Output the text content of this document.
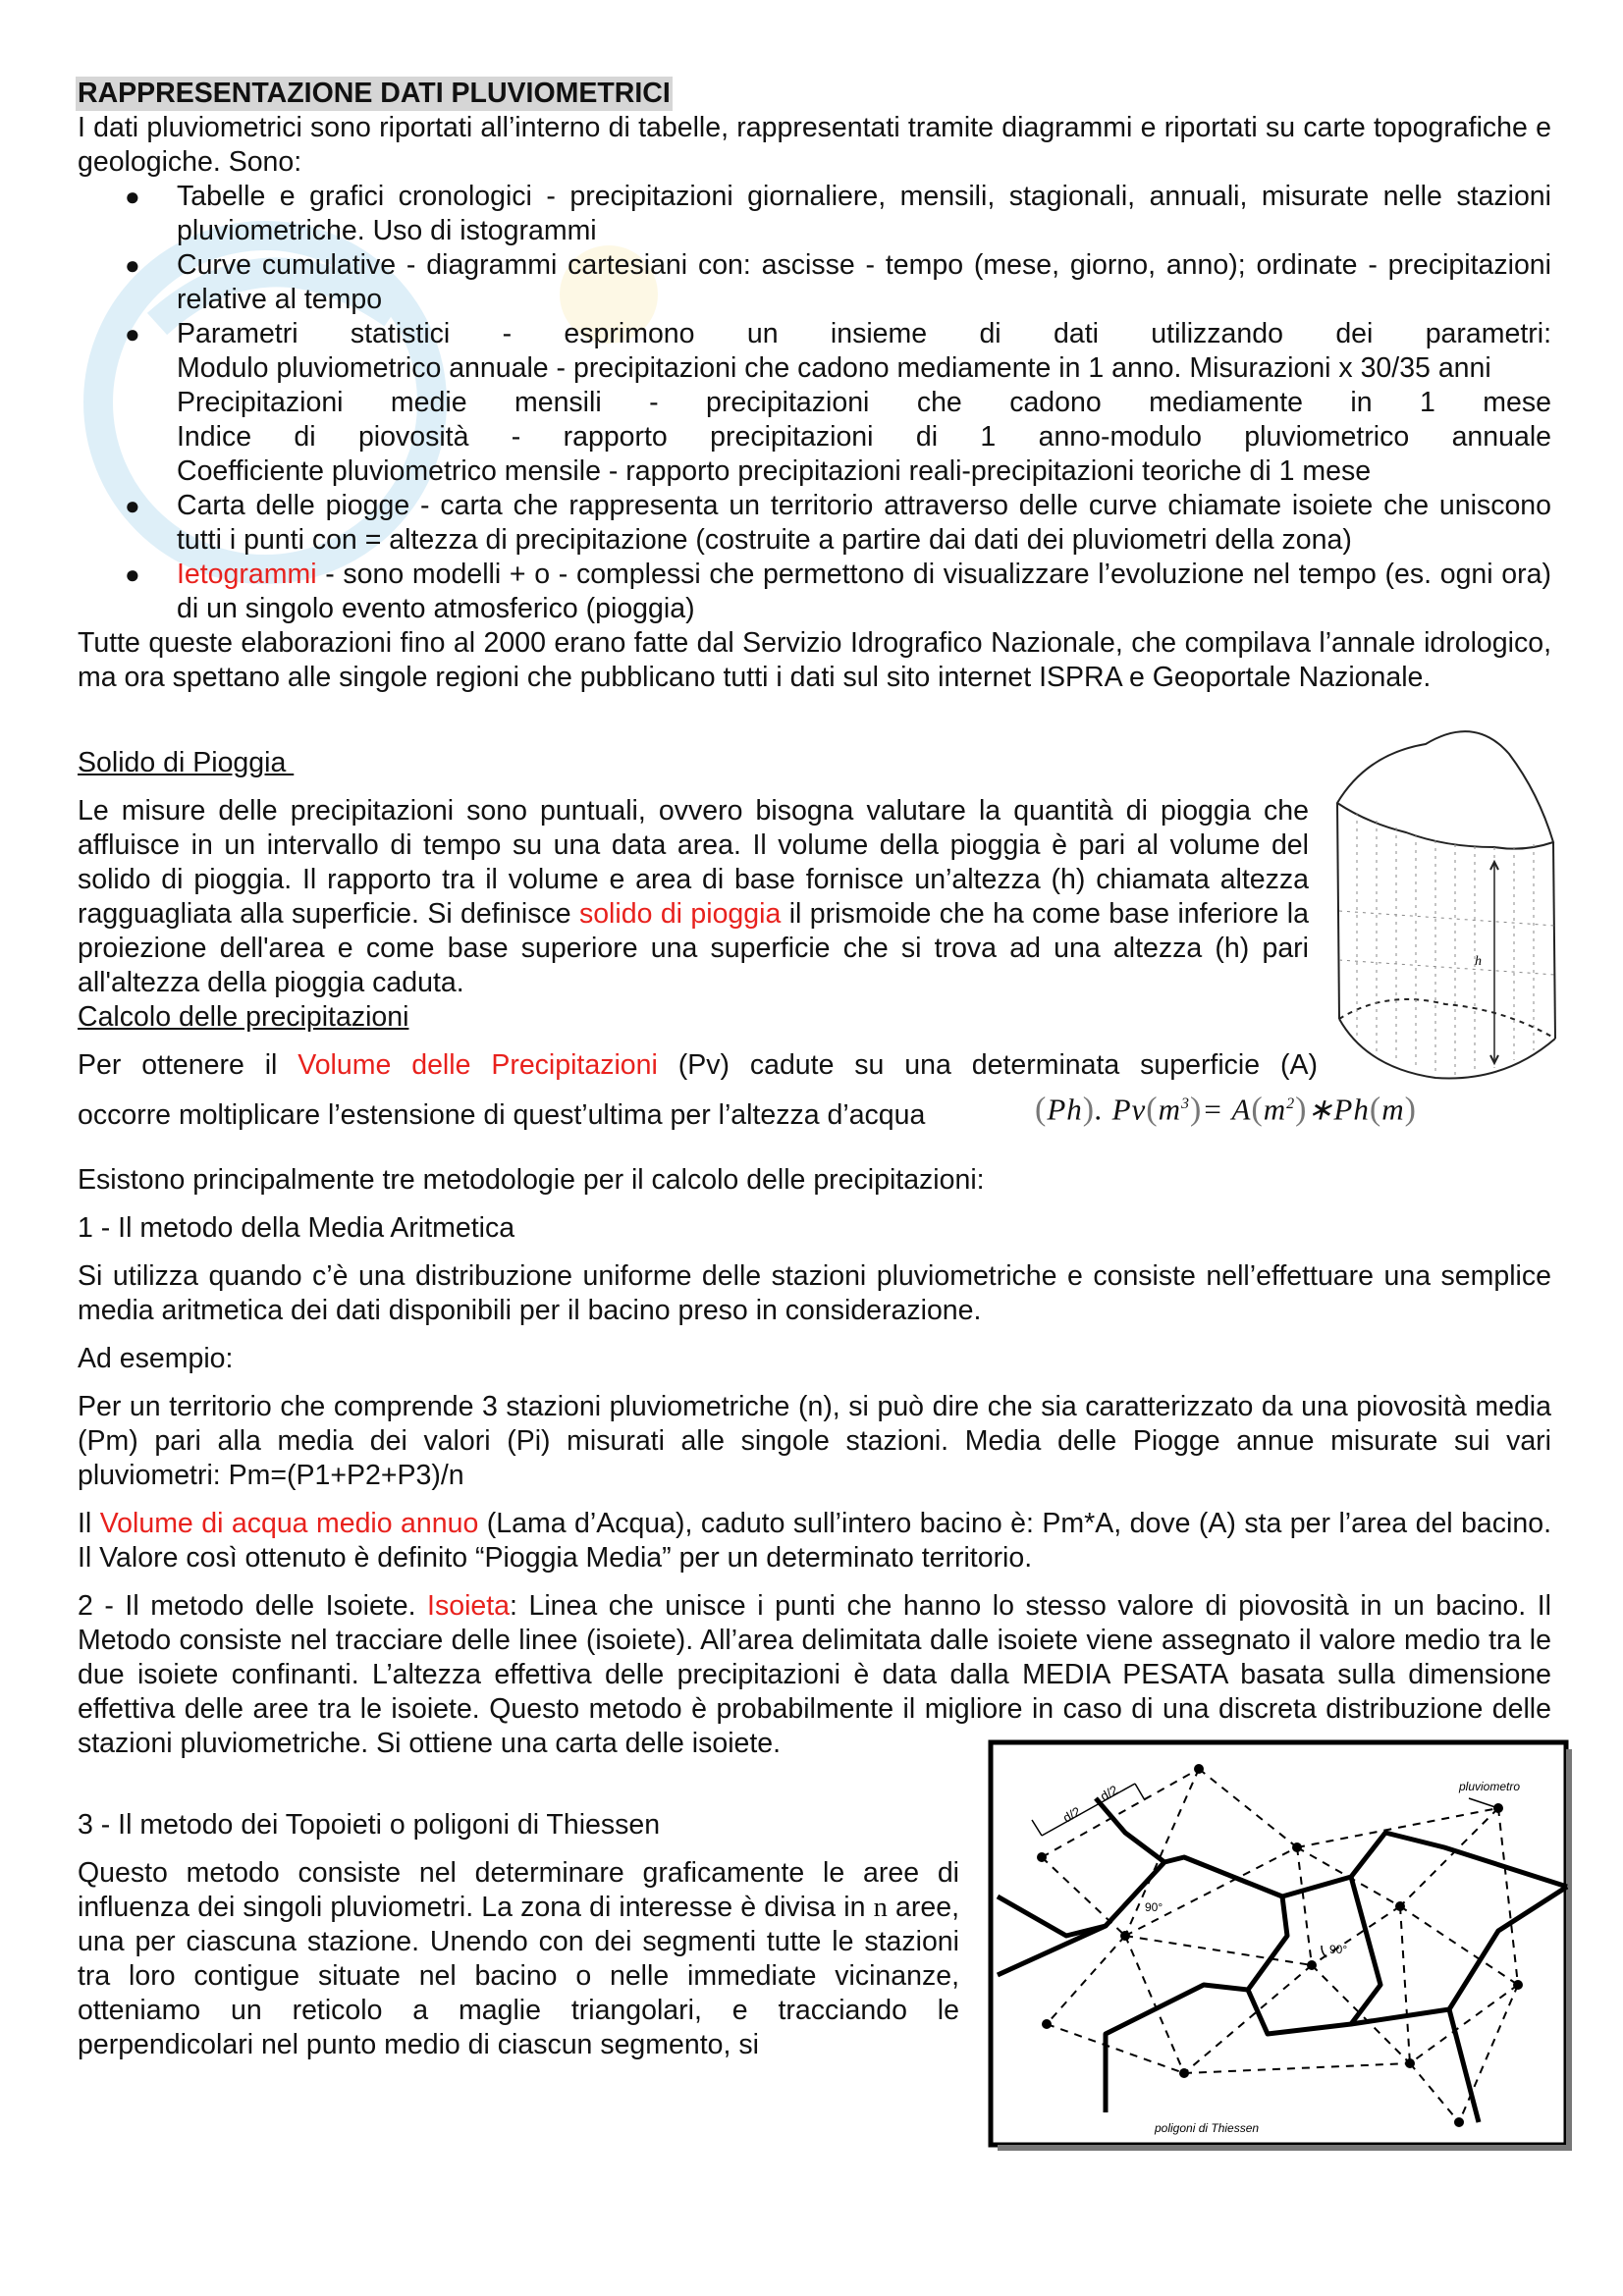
RAPPRESENTAZIONE DATI PLUVIOMETRICI

I dati pluviometrici sono riportati all’interno di tabelle, rappresentati tramite diagrammi e riportati su carte topografiche e geologiche. Sono:

● Tabelle e grafici cronologici - precipitazioni giornaliere, mensili, stagionali, annuali, misurate nelle stazioni pluviometriche. Uso di istogrammi
● Curve cumulative - diagrammi cartesiani con: ascisse - tempo (mese, giorno, anno); ordinate - precipitazioni relative al tempo
● Parametri statistici - esprimono un insieme di dati utilizzando dei parametri:
Modulo pluviometrico annuale - precipitazioni che cadono mediamente in 1 anno. Misurazioni x 30/35 anni
Precipitazioni medie mensili - precipitazioni che cadono mediamente in 1 mese
Indice di piovosità - rapporto precipitazioni di 1 anno-modulo pluviometrico annuale
Coefficiente pluviometrico mensile - rapporto precipitazioni reali-precipitazioni teoriche di 1 mese
● Carta delle piogge - carta che rappresenta un territorio attraverso delle curve chiamate isoiete che uniscono tutti i punti con = altezza di precipitazione (costruite a partire dai dati dei pluviometri della zona)
● Ietogrammi - sono modelli + o - complessi che permettono di visualizzare l’evoluzione nel tempo (es. ogni ora) di un singolo evento atmosferico (pioggia)

Tutte queste elaborazioni fino al 2000 erano fatte dal Servizio Idrografico Nazionale, che compilava l’annale idrologico, ma ora spettano alle singole regioni che pubblicano tutti i dati sul sito internet ISPRA e Geoportale Nazionale.

h

Solido di Pioggia

Le misure delle precipitazioni sono puntuali, ovvero bisogna valutare la quantità di pioggia che affluisce in un intervallo di tempo su una data area. Il volume della pioggia è pari al volume del solido di pioggia. Il rapporto tra il volume e area di base fornisce un’altezza (h) chiamata altezza ragguagliata alla superficie. Si definisce solido di pioggia il prismoide che ha come base inferiore la proiezione dell'area e come base superiore una superficie che si trova ad una altezza (h) pari all'altezza della pioggia caduta.

Calcolo delle precipitazioni

Per ottenere il Volume delle Precipitazioni (Pv) cadute su una determinata superficie (A)

occorre moltiplicare l’estensione di quest’ultima per l’altezza d’acqua	(Ph). $Pv(m^3)=$ $A(m^2)∗Ph(m)$

Esistono principalmente tre metodologie per il calcolo delle precipitazioni:

1 - Il metodo della Media Aritmetica

Si utilizza quando c’è una distribuzione uniforme delle stazioni pluviometriche e consiste nell’effettuare una semplice media aritmetica dei dati disponibili per il bacino preso in considerazione.

Ad esempio:

Per un territorio che comprende 3 stazioni pluviometriche (n), si può dire che sia caratterizzato da una piovosità media (Pm) pari alla media dei valori (Pi) misurati alle singole stazioni. Media delle Piogge annue misurate sui vari pluviometri: Pm=(P1+P2+P3)/n

Il Volume di acqua medio annuo (Lama d’Acqua), caduto sull’intero bacino è: Pm*A, dove (A) sta per l’area del bacino. Il Valore così ottenuto è definito “Pioggia Media” per un determinato territorio.

2 - Il metodo delle Isoiete. Isoieta: Linea che unisce i punti che hanno lo stesso valore di piovosità in un bacino. Il Metodo consiste nel tracciare delle linee (isoiete). All’area delimitata dalle isoiete viene assegnato il valore medio tra le due isoiete confinanti. L’altezza effettiva delle precipitazioni è data dalla MEDIA PESATA basata sulla dimensione effettiva delle aree tra le isoiete. Questo metodo è probabilmente il migliore in caso di una discreta distribuzione delle stazioni pluviometriche. Si ottiene una carta delle isoiete.

3 - Il metodo dei Topoieti o poligoni di Thiessen

Questo metodo consiste nel determinare graficamente le aree di influenza dei singoli pluviometri. La zona di interesse è divisa in n aree, una per ciascuna stazione. Unendo con dei segmenti tutte le stazioni tra loro contigue situate nel bacino o nelle immediate vicinanze, otteniamo un reticolo a maglie triangolari, e tracciando le perpendicolari nel punto medio di ciascun segmento, si

d/2
d/2
90°
90°
pluviometro
poligoni di Thiessen
